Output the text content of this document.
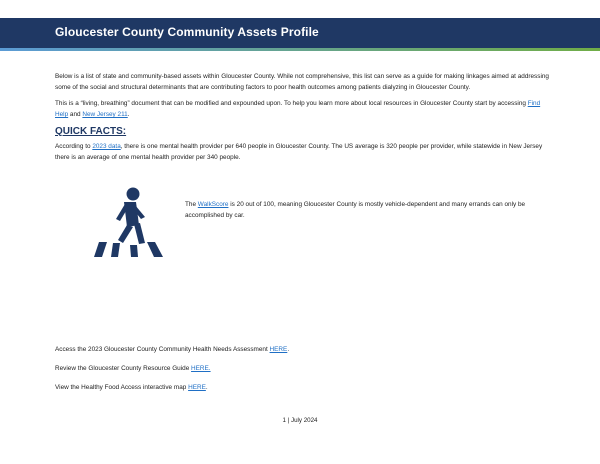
Gloucester County Community Assets Profile

Below is a list of state and community-based assets within Gloucester County. While not comprehensive, this list can serve as a guide for making linkages aimed at addressing some of the social and structural determinants that are contributing factors to poor health outcomes among patients dialyzing in Gloucester County.

This is a “living, breathing” document that can be modified and expounded upon. To help you learn more about local resources in Gloucester County start by accessing Find Help and New Jersey 211.

QUICK FACTS:

According to 2023 data, there is one mental health provider per 640 people in Gloucester County. The US average is 320 people per provider, while statewide in New Jersey there is an average of one mental health provider per 340 people.

The WalkScore is 20 out of 100, meaning Gloucester County is mostly vehicle-dependent and many errands can only be accomplished by car.

Access the 2023 Gloucester County Community Health Needs Assessment HERE.

Review the Gloucester County Resource Guide HERE.

View the Healthy Food Access interactive map HERE.

1 | July 2024
